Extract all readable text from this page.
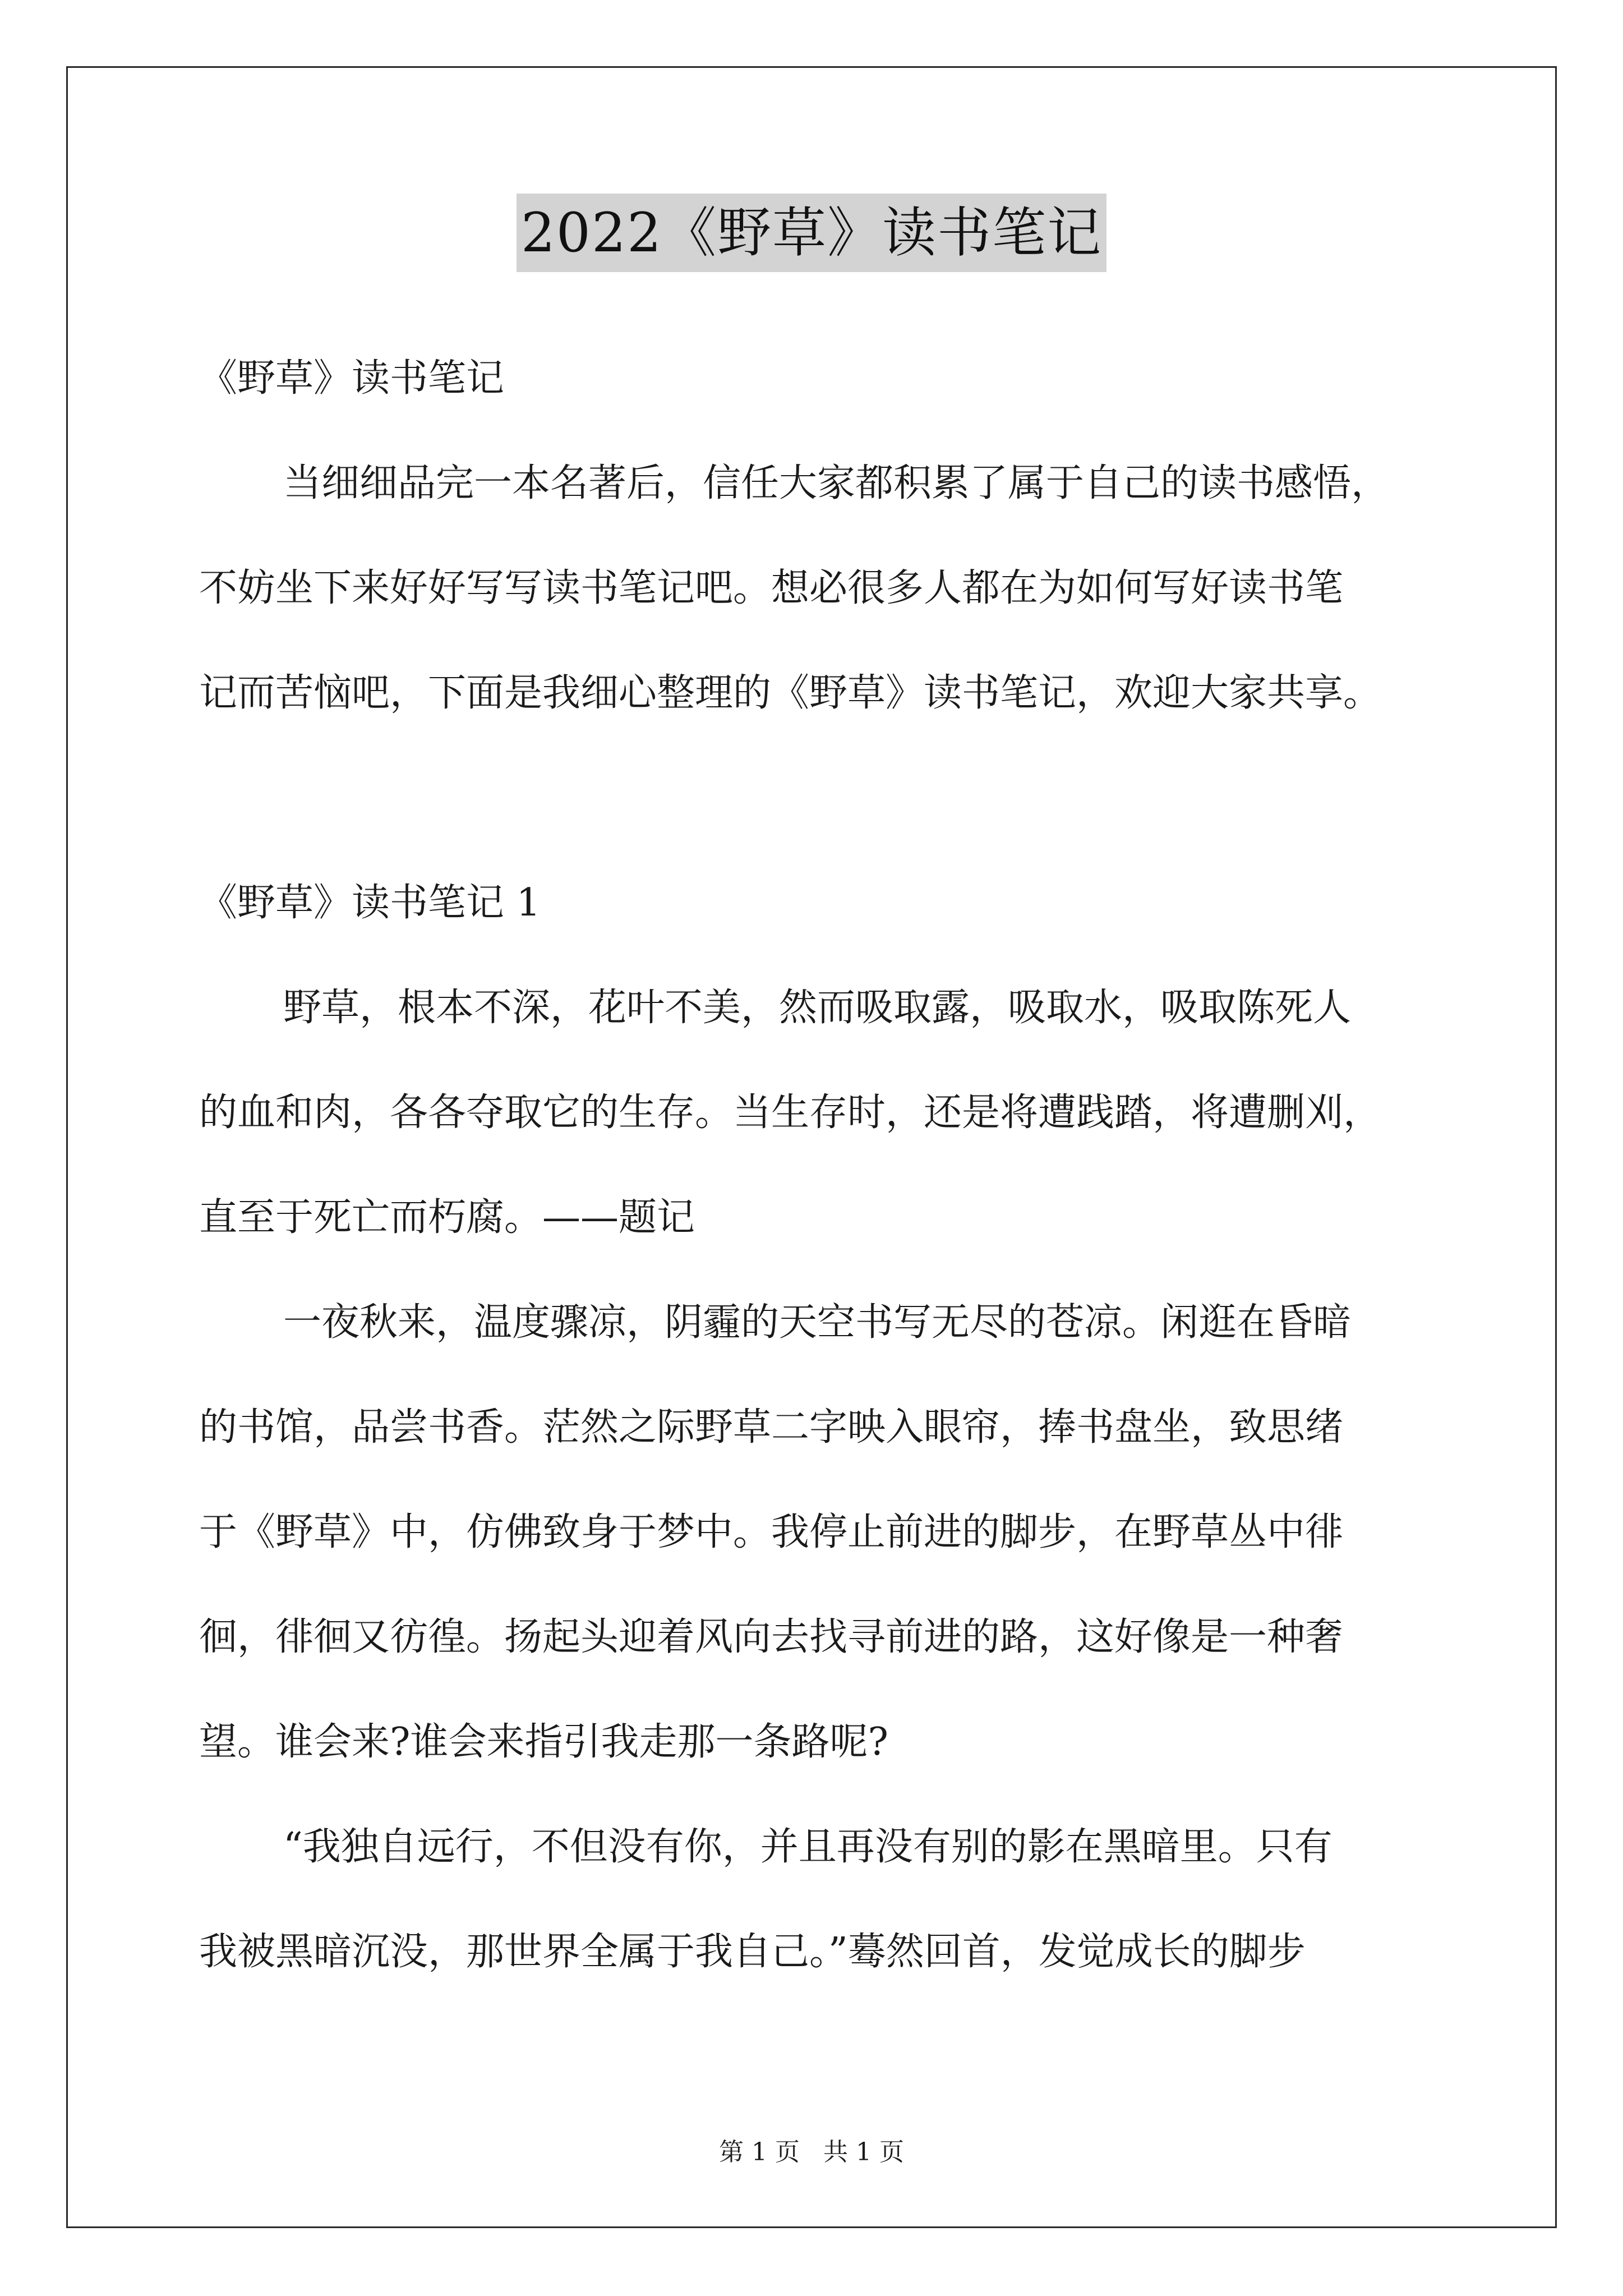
2022《野草》读书笔记
《野草》读书笔记
当细细品完一本名著后，信任大家都积累了属于自己的读书感悟，
不妨坐下来好好写写读书笔记吧。想必很多人都在为如何写好读书笔
记而苦恼吧，下面是我细心整理的《野草》读书笔记，欢迎大家共享。
《野草》读书笔记 1
野草，根本不深，花叶不美，然而吸取露，吸取水，吸取陈死人
的血和肉，各各夺取它的生存。当生存时，还是将遭践踏，将遭删刈，
直至于死亡而朽腐。——题记
一夜秋来，温度骤凉，阴霾的天空书写无尽的苍凉。闲逛在昏暗
的书馆，品尝书香。茫然之际野草二字映入眼帘，捧书盘坐，致思绪
于《野草》中，仿佛致身于梦中。我停止前进的脚步，在野草丛中徘
徊，徘徊又彷徨。扬起头迎着风向去找寻前进的路，这好像是一种奢
望。谁会来?谁会来指引我走那一条路呢?
“我独自远行，不但没有你，并且再没有别的影在黑暗里。只有
我被黑暗沉没，那世界全属于我自己。”蓦然回首，发觉成长的脚步
第 1 页 共 1 页
